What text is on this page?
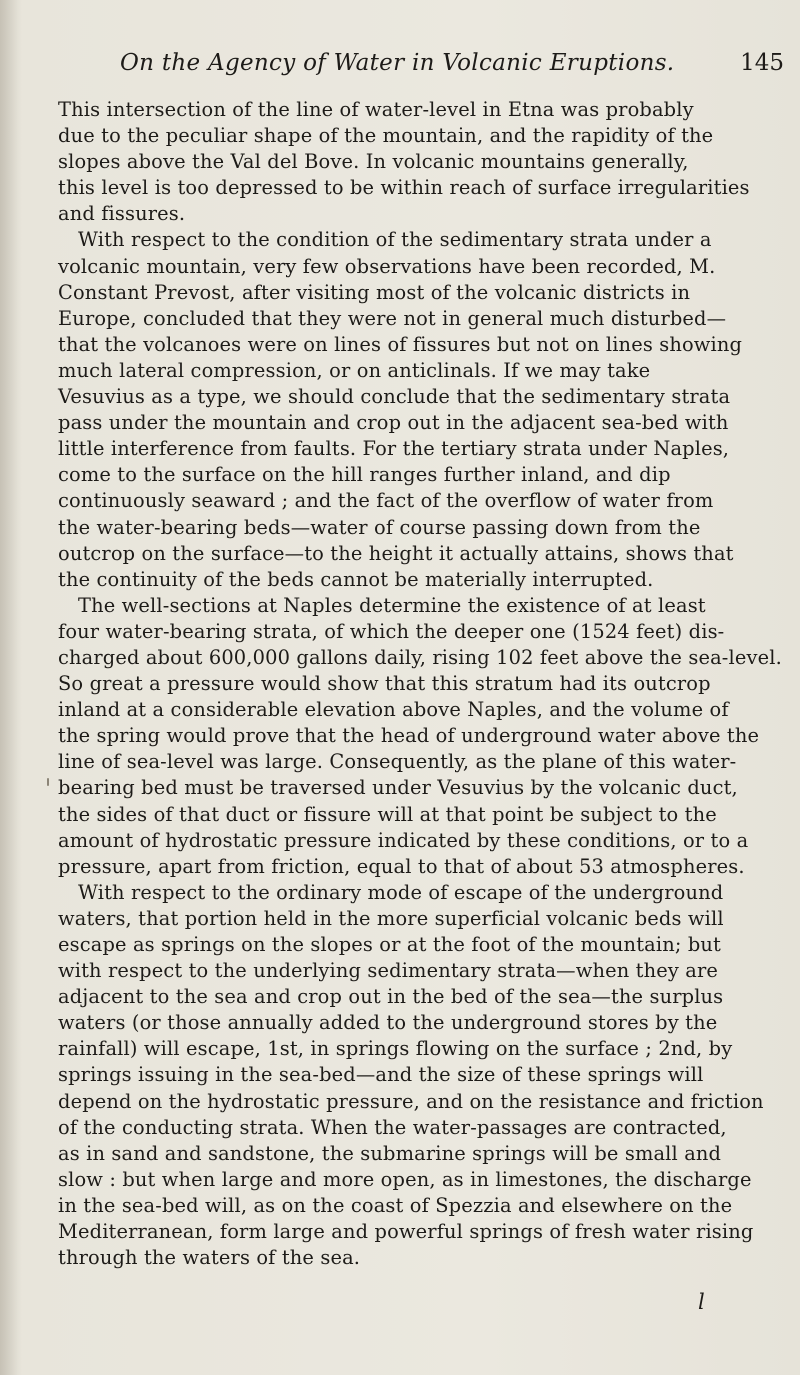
On the Agency of Water in Volcanic Eruptions.	145
This intersection of the line of water-level in Etna was probably
due to the peculiar shape of the mountain, and the rapidity of the
slopes above the Val del Bove. In volcanic mountains generally,
this level is too depressed to be within reach of surface irregularities
and fissures.
With respect to the condition of the sedimentary strata under a
volcanic mountain, very few observations have been recorded, M.
Constant Prevost, after visiting most of the volcanic districts in
Europe, concluded that they were not in general much disturbed—
that the volcanoes were on lines of fissures but not on lines showing
much lateral compression, or on anticlinals. If we may take
Vesuvius as a type, we should conclude that the sedimentary strata
pass under the mountain and crop out in the adjacent sea-bed with
little interference from faults. For the tertiary strata under Naples,
come to the surface on the hill ranges further inland, and dip
continuously seaward ; and the fact of the overflow of water from
the water-bearing beds—water of course passing down from the
outcrop on the surface—to the height it actually attains, shows that
the continuity of the beds cannot be materially interrupted.
The well-sections at Naples determine the existence of at least
four water-bearing strata, of which the deeper one (1524 feet) dis-
charged about 600,000 gallons daily, rising 102 feet above the sea-level.
So great a pressure would show that this stratum had its outcrop
inland at a considerable elevation above Naples, and the volume of
the spring would prove that the head of underground water above the
line of sea-level was large. Consequently, as the plane of this water-
bearing bed must be traversed under Vesuvius by the volcanic duct,
the sides of that duct or fissure will at that point be subject to the
amount of hydrostatic pressure indicated by these conditions, or to a
pressure, apart from friction, equal to that of about 53 atmospheres.
With respect to the ordinary mode of escape of the underground
waters, that portion held in the more superficial volcanic beds will
escape as springs on the slopes or at the foot of the mountain; but
with respect to the underlying sedimentary strata—when they are
adjacent to the sea and crop out in the bed of the sea—the surplus
waters (or those annually added to the underground stores by the
rainfall) will escape, 1st, in springs flowing on the surface ; 2nd, by
springs issuing in the sea-bed—and the size of these springs will
depend on the hydrostatic pressure, and on the resistance and friction
of the conducting strata. When the water-passages are contracted,
as in sand and sandstone, the submarine springs will be small and
slow : but when large and more open, as in limestones, the discharge
in the sea-bed will, as on the coast of Spezzia and elsewhere on the
Mediterranean, form large and powerful springs of fresh water rising
through the waters of the sea.
l
